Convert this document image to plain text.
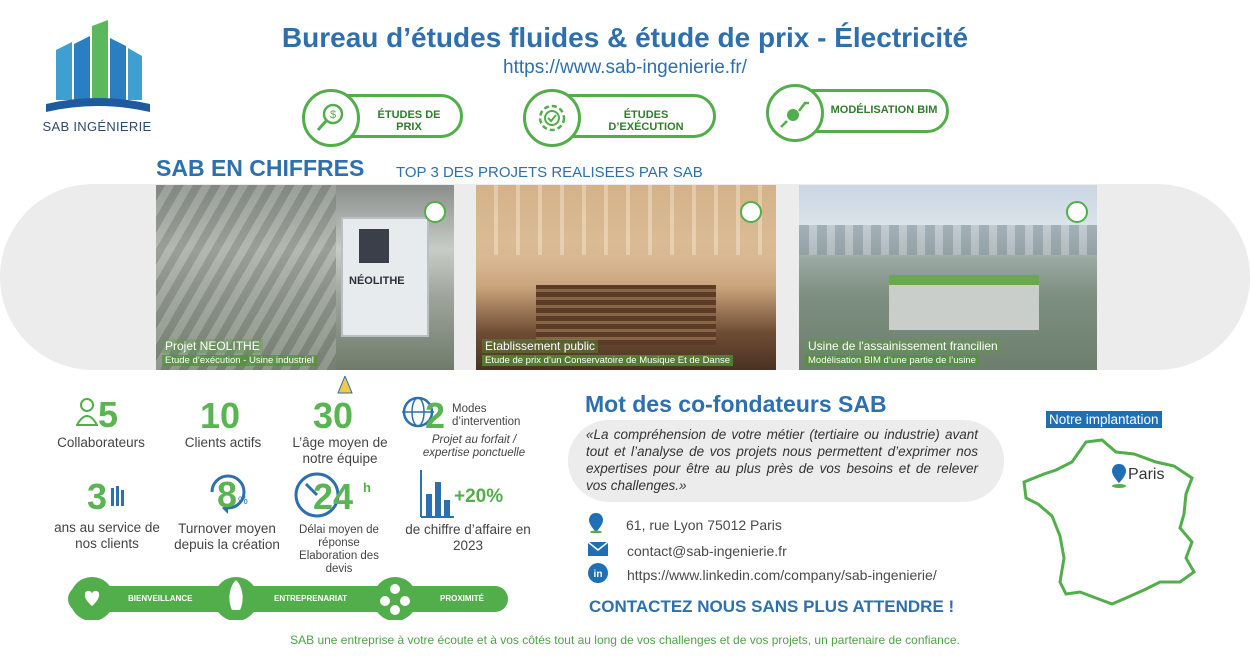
SAB INGÉNIERIE
Bureau d’études fluides & étude de prix - Électricité
https://www.sab-ingenierie.fr/
$	ÉTUDES DE PRIX
ÉTUDES D’EXÉCUTION
MODÉLISATION BIM
SAB EN CHIFFRES TOP 3 DES PROJETS REALISEES PAR SAB
NÉOLITHE
Projet NEOLITHE
Etude d’exécution - Usine industriel
Etablissement public
Etude de prix d’un Conservatoire de Musique Et de Danse
Usine de l'assainissement francilien
Modélisation BIM d’une partie de l’usine
5
Collaborateurs
10
Clients actifs
30
L’âge moyen de notre équipe
2 Modes d’intervention
Projet au forfait / expertise ponctuelle
3
ans au service de nos clients
8 %
Turnover moyen depuis la création
24 h
Délai moyen de réponse Elaboration des devis
+20%
de chiffre d’affaire en 2023
BIENVEILLANCE	ENTREPRENARIAT	PROXIMITÉ
Mot des co-fondateurs SAB
«La compréhension de votre métier (tertiaire ou industrie) avant tout et l’analyse de vos projets nous permettent d’exprimer nos expertises pour être au plus près de vos besoins et de relever vos challenges.»
61, rue Lyon 75012 Paris
contact@sab-ingenierie.fr
in https://www.linkedin.com/company/sab-ingenierie/
CONTACTEZ NOUS SANS PLUS ATTENDRE !
Notre implantation
Paris
SAB une entreprise à votre écoute et à vos côtés tout au long de vos challenges et de vos projets, un partenaire de confiance.
